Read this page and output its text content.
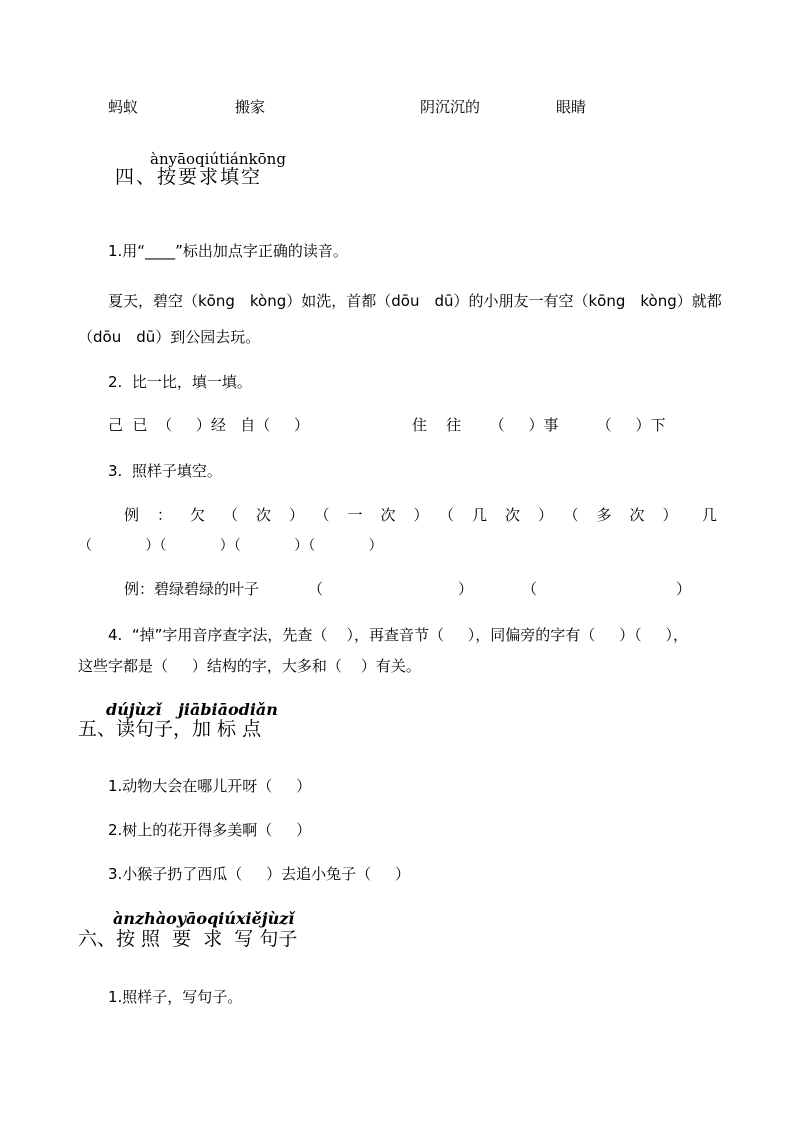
蚂蚁	搬家	阴沉沉的	眼睛
ànyāoqiútiánkōng
四、按要求填空
1.用“____”标出加点字正确的读音。
夏天，碧空（kōng　kòng）如洗，首都（dōu　dū）的小朋友一有空（kōng　kòng）就都
（dōu　dū）到公园去玩。
2.  比一比，填一填。
己  已  （     ）经   自（     ）	住    往      （     ）事        （     ）下
3.  照样子填空。
例：欠（次）（一次）（几次）（多次） 几
（            ）（            ）（            ）（            ）
例：碧绿碧绿的叶子	（	）	（	）
4.  “掉”字用音序查字法，先查（    ），再查音节（     ），同偏旁的字有（     ）（     ），
这些字都是（     ）结构的字，大多和（    ）有关。
dújùzǐ   jiābiāodiǎn
五、读句子，加 标 点
1.动物大会在哪儿开呀（     ）
2.树上的花开得多美啊（     ）
3.小猴子扔了西瓜（     ）去追小兔子（     ）
ànzhàoyāoqiúxiějùzǐ
六、按 照  要  求  写 句子
1.照样子，写句子。
